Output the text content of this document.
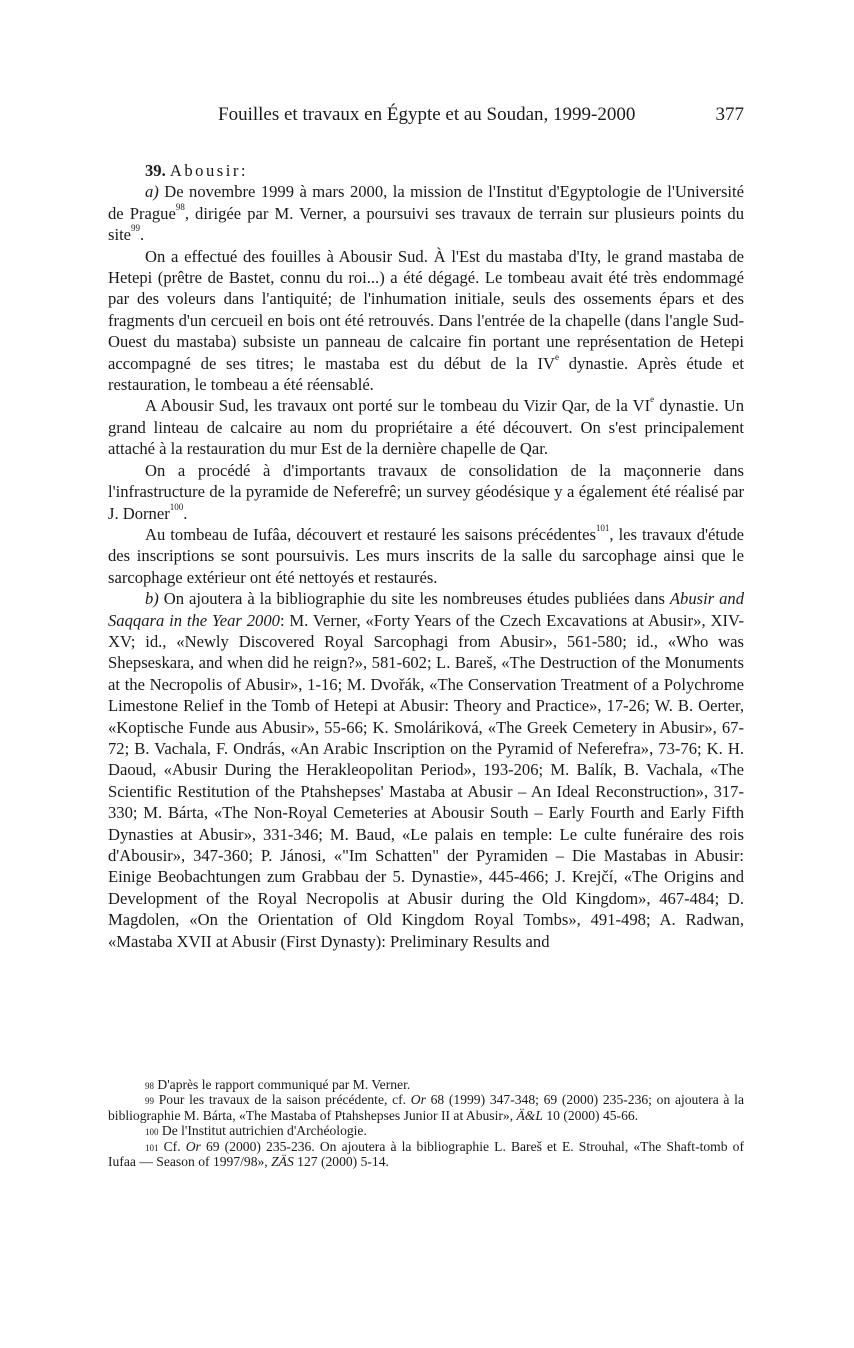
Fouilles et travaux en Égypte et au Soudan, 1999-2000	377

39. Abousir:

a) De novembre 1999 à mars 2000, la mission de l'Institut d'Egyptologie de l'Université de Prague$^{98}$, dirigée par M. Verner, a poursuivi ses travaux de terrain sur plusieurs points du site$^{99}$.

On a effectué des fouilles à Abousir Sud. À l'Est du mastaba d'Ity, le grand mastaba de Hetepi (prêtre de Bastet, connu du roi...) a été dégagé. Le tombeau avait été très endommagé par des voleurs dans l'antiquité; de l'inhumation initiale, seuls des ossements épars et des fragments d'un cercueil en bois ont été retrouvés. Dans l'entrée de la chapelle (dans l'angle Sud-Ouest du mastaba) subsiste un panneau de calcaire fin portant une représentation de Hetepi accompagné de ses titres; le mastaba est du début de la IVe dynastie. Après étude et restauration, le tombeau a été réensablé.

A Abousir Sud, les travaux ont porté sur le tombeau du Vizir Qar, de la VIe dynastie. Un grand linteau de calcaire au nom du propriétaire a été découvert. On s'est principalement attaché à la restauration du mur Est de la dernière chapelle de Qar.

On a procédé à d'importants travaux de consolidation de la maçonnerie dans l'infrastructure de la pyramide de Neferefrê; un survey géodésique y a également été réalisé par J. Dorner$^{100}$.

Au tombeau de Iufâa, découvert et restauré les saisons précédentes$^{101}$, les travaux d'étude des inscriptions se sont poursuivis. Les murs inscrits de la salle du sarcophage ainsi que le sarcophage extérieur ont été nettoyés et restaurés.

b) On ajoutera à la bibliographie du site les nombreuses études publiées dans Abusir and Saqqara in the Year 2000: M. Verner, «Forty Years of the Czech Excavations at Abusir», XIV-XV; id., «Newly Discovered Royal Sarcophagi from Abusir», 561-580; id., «Who was Shepseskara, and when did he reign?», 581-602; L. Bareš, «The Destruction of the Monuments at the Necropolis of Abusir», 1-16; M. Dvořák, «The Conservation Treatment of a Polychrome Limestone Relief in the Tomb of Hetepi at Abusir: Theory and Practice», 17-26; W. B. Oerter, «Koptische Funde aus Abusir», 55-66; K. Smoláriková, «The Greek Cemetery in Abusir», 67-72; B. Vachala, F. Ondrás, «An Arabic Inscription on the Pyramid of Neferefra», 73-76; K. H. Daoud, «Abusir During the Herakleopolitan Period», 193-206; M. Balík, B. Vachala, «The Scientific Restitution of the Ptahshepses' Mastaba at Abusir – An Ideal Reconstruction», 317-330; M. Bárta, «The Non-Royal Cemeteries at Abousir South – Early Fourth and Early Fifth Dynasties at Abusir», 331-346; M. Baud, «Le palais en temple: Le culte funéraire des rois d'Abousir», 347-360; P. Jánosi, «"Im Schatten" der Pyramiden – Die Mastabas in Abusir: Einige Beobachtungen zum Grabbau der 5. Dynastie», 445-466; J. Krejčí, «The Origins and Development of the Royal Necropolis at Abusir during the Old Kingdom», 467-484; D. Magdolen, «On the Orientation of Old Kingdom Royal Tombs», 491-498; A. Radwan, «Mastaba XVII at Abusir (First Dynasty): Preliminary Results and

$^{98}$ D'après le rapport communiqué par M. Verner.

$^{99}$ Pour les travaux de la saison précédente, cf. Or 68 (1999) 347-348; 69 (2000) 235-236; on ajoutera à la bibliographie M. Bárta, «The Mastaba of Ptahshepses Junior II at Abusir», Ä&L 10 (2000) 45-66.

$^{100}$ De l'Institut autrichien d'Archéologie.

$^{101}$ Cf. Or 69 (2000) 235-236. On ajoutera à la bibliographie L. Bareš et E. Strouhal, «The Shaft-tomb of Iufaa — Season of 1997/98», ZÄS 127 (2000) 5-14.
